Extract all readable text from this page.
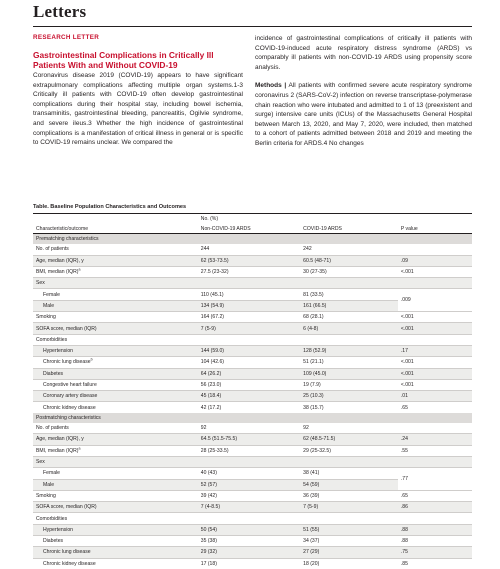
Letters
RESEARCH LETTER
Gastrointestinal Complications in Critically Ill Patients With and Without COVID-19

Coronavirus disease 2019 (COVID-19) appears to have significant extrapulmonary complications affecting multiple organ systems.1-3 Critically ill patients with COVID-19 often develop gastrointestinal complications during their hospital stay, including bowel ischemia, transaminitis, gastrointestinal bleeding, pancreatitis, Ogilvie syndrome, and severe ileus.3 Whether the high incidence of gastrointestinal complications is a manifestation of critical illness in general or is specific to COVID-19 remains unclear. We compared the

incidence of gastrointestinal complications of critically ill patients with COVID-19-induced acute respiratory distress syndrome (ARDS) vs comparably ill patients with non-COVID-19 ARDS using propensity score analysis.

Methods | All patients with confirmed severe acute respiratory syndrome coronavirus 2 (SARS-CoV-2) infection on reverse transcriptase-polymerase chain reaction who were intubated and admitted to 1 of 13 (preexistent and surge) intensive care units (ICUs) of the Massachusetts General Hospital between March 13, 2020, and May 7, 2020, were included, then matched to a cohort of patients admitted between 2018 and 2019 and meeting the Berlin criteria for ARDS.4 No changes

Table. Baseline Population Characteristics and Outcomes
	No. (%)		
Characteristic/outcome	Non-COVID-19 ARDS	COVID-19 ARDS	P value
Prematching characteristics			
No. of patients	244	242	
Age, median (IQR), y	62 (53-73.5)	60.5 (48-71)	.09
BMI, median (IQR)$^a$	27.5 (23-32)	30 (27-35)	<.001
Sex			
Female	110 (45.1)	81 (33.5)	.009
Male	134 (54.9)	161 (66.5)	
Smoking	164 (67.2)	68 (28.1)	<.001
SOFA score, median (IQR)	7 (5-9)	6 (4-8)	<.001
Comorbidities			
Hypertension	144 (59.0)	128 (52.9)	.17
Chronic lung disease$^b$	104 (42.6)	51 (21.1)	<.001
Diabetes	64 (26.2)	109 (45.0)	<.001
Congestive heart failure	56 (23.0)	19 (7.9)	<.001
Coronary artery disease	45 (18.4)	25 (10.3)	.01
Chronic kidney disease	42 (17.2)	38 (15.7)	.65
Postmatching characteristics			
No. of patients	92	92	
Age, median (IQR), y	64.5 (51.5-75.5)	62 (48.5-71.5)	.24
BMI, median (IQR)$^a$	28 (25-33.5)	29 (25-32.5)	.55
Sex			
Female	40 (43)	38 (41)	.77
Male	52 (57)	54 (59)	
Smoking	39 (42)	36 (39)	.65
SOFA score, median (IQR)	7 (4-8.5)	7 (5-9)	.86
Comorbidities			
Hypertension	50 (54)	51 (55)	.88
Diabetes	35 (38)	34 (37)	.88
Chronic lung disease	29 (32)	27 (29)	.75
Chronic kidney disease	17 (18)	18 (20)	.85
